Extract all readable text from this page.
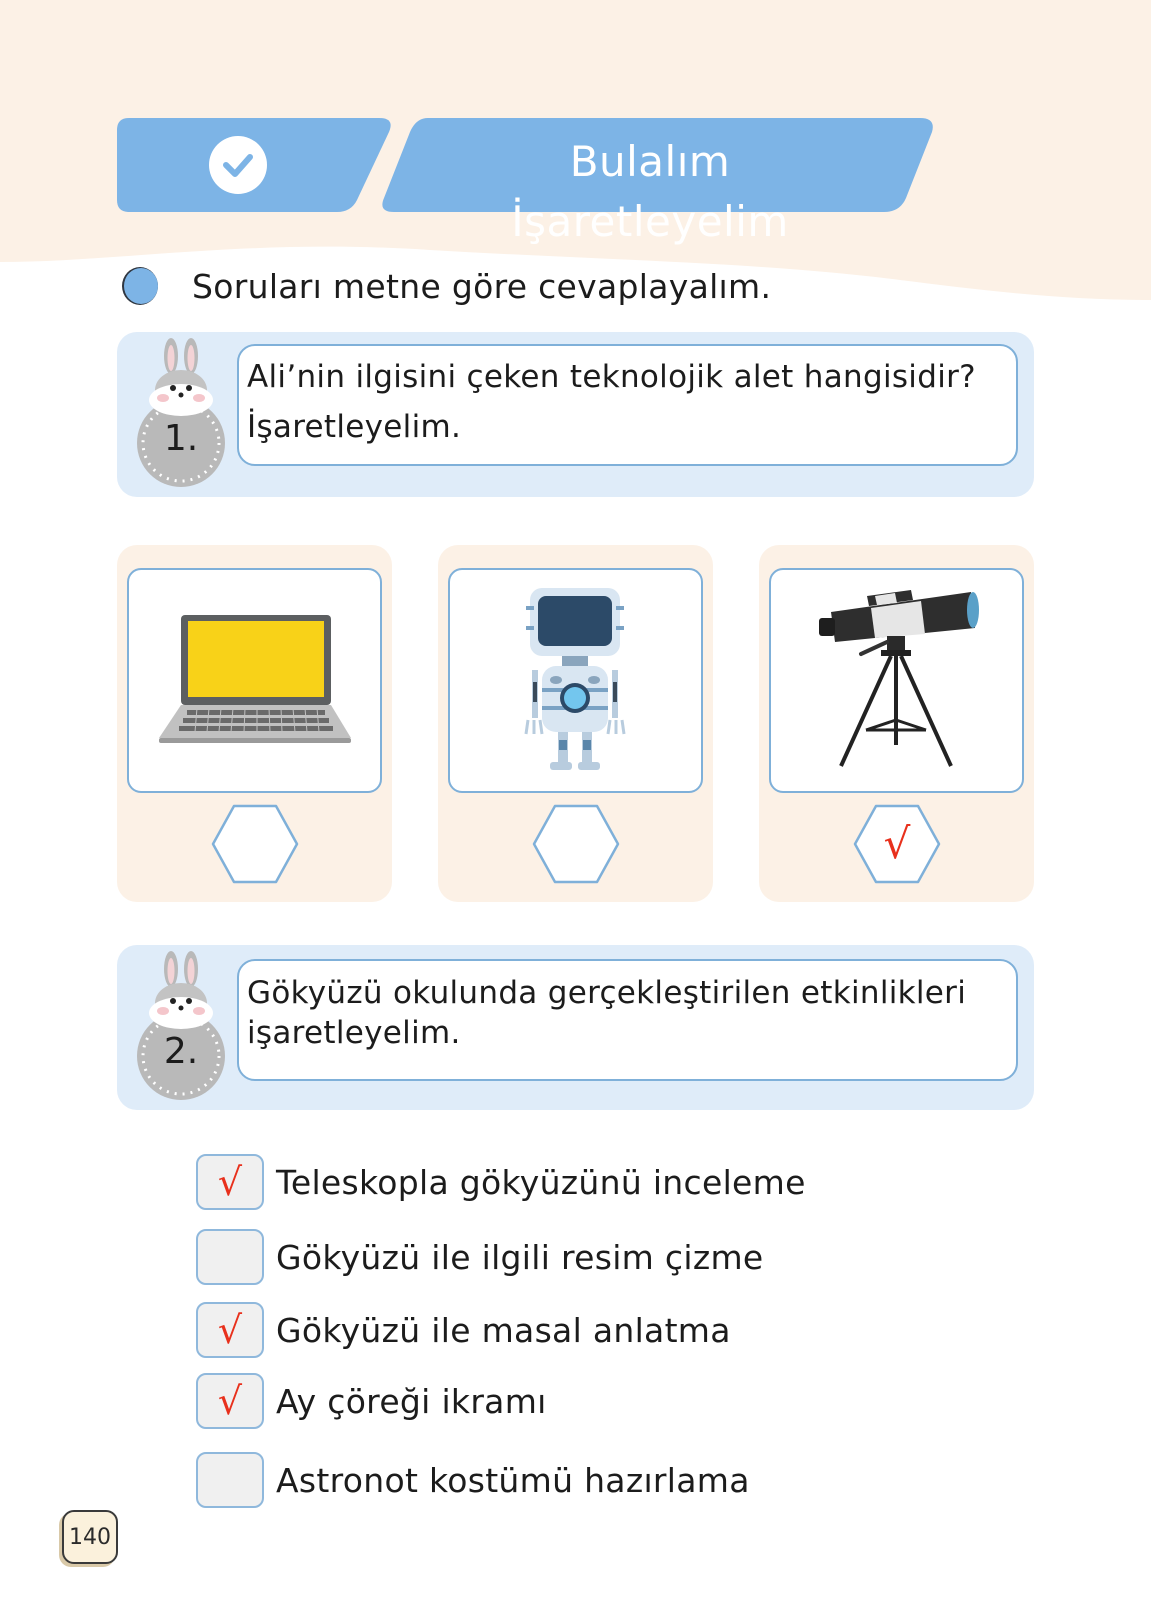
Bulalım İşaretleyelim
Soruları metne göre cevaplayalım.
1.
Ali’nin ilgisini çeken teknolojik alet hangisidir? İşaretleyelim.
√
2.
Gökyüzü okulunda gerçekleştirilen etkinlikleri işaretleyelim.
√	Teleskopla gökyüzünü inceleme
Gökyüzü ile ilgili resim çizme
√	Gökyüzü ile masal anlatma
√	Ay çöreği ikramı
Astronot kostümü hazırlama
140
